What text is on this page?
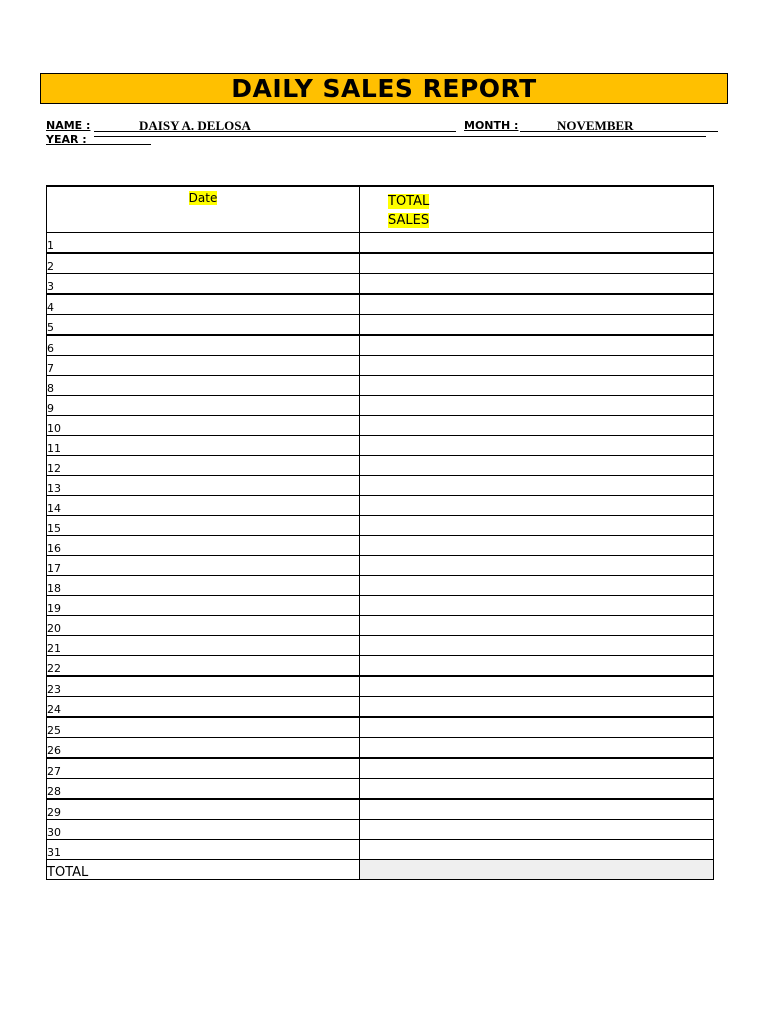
DAILY SALES REPORT
NAME :	DAISY A. DELOSA	MONTH :	NOVEMBER
YEAR :
Date	TOTAL
SALES
1	
2	
3	
4	
5	
6	
7	
8	
9	
10	
11	
12	
13	
14	
15	
16	
17	
18	
19	
20	
21	
22	
23	
24	
25	
26	
27	
28	
29	
30	
31	
TOTAL	
